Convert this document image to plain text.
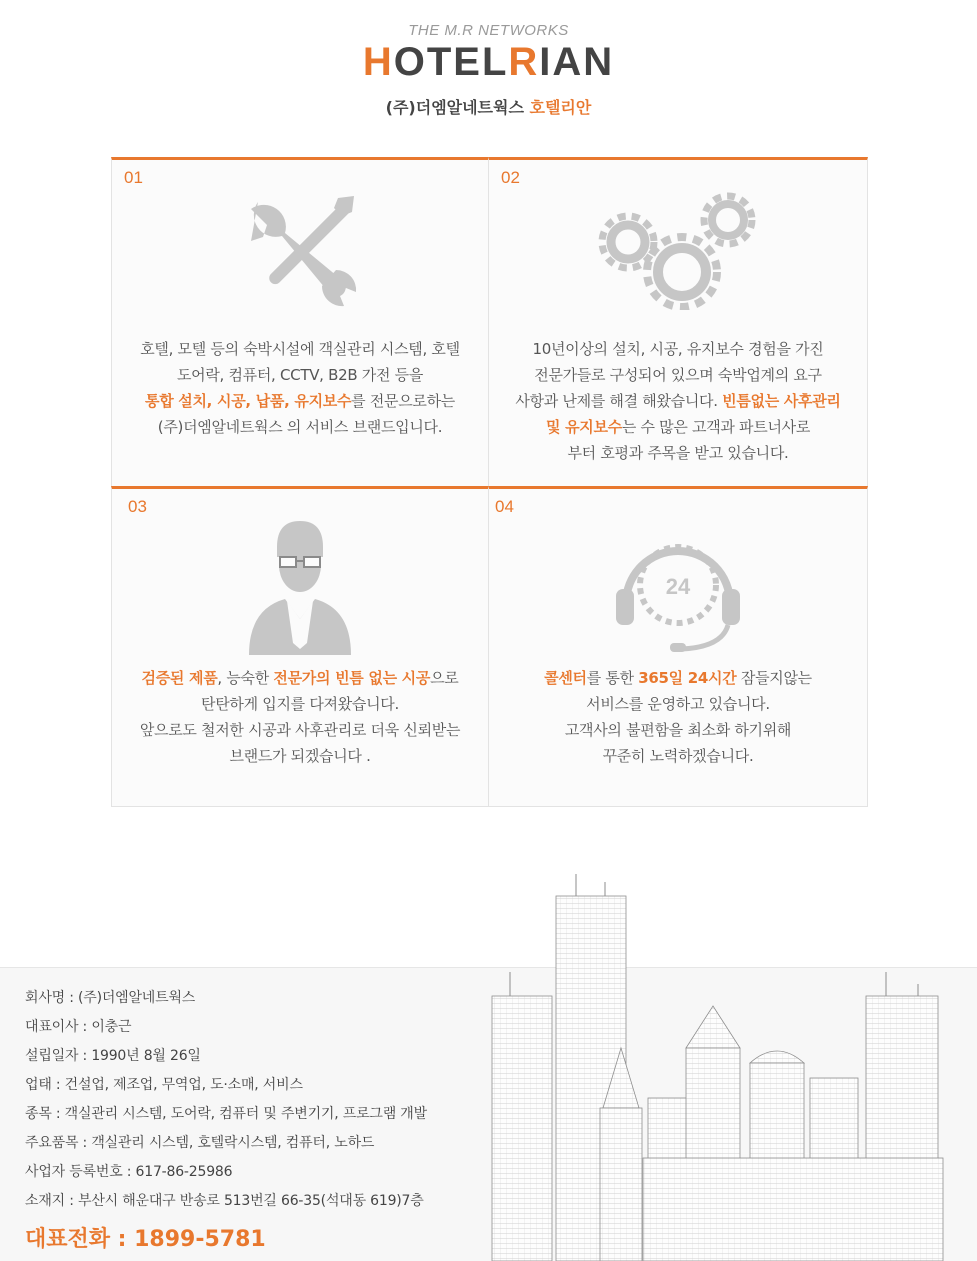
THE M.R NETWORKS
HOTELRIAN
(주)더엠알네트웍스 호텔리안
01
호텔, 모텔 등의 숙박시설에 객실관리 시스템, 호텔
도어락, 컴퓨터, CCTV, B2B 가전 등을
통합 설치, 시공, 납품, 유지보수를 전문으로하는
(주)더엠알네트웍스 의 서비스 브랜드입니다.
02
10년이상의 설치, 시공, 유지보수 경험을 가진
전문가들로 구성되어 있으며 숙박업계의 요구
사항과 난제를 해결 해왔습니다. 빈틈없는 사후관리
및 유지보수는 수 많은 고객과 파트너사로
부터 호평과 주목을 받고 있습니다.
03
검증된 제품, 능숙한 전문가의 빈틈 없는 시공으로
탄탄하게 입지를 다져왔습니다.
앞으로도 철저한 시공과 사후관리로 더욱 신뢰받는
브랜드가 되겠습니다 .
04
24
콜센터를 통한 365일 24시간 잠들지않는
서비스를 운영하고 있습니다.
고객사의 불편함을 최소화 하기위해
꾸준히 노력하겠습니다.
회사명 : (주)더엠알네트웍스
대표이사 : 이충근
설립일자 : 1990년 8월 26일
업태 : 건설업, 제조업, 무역업, 도·소매, 서비스
종목 : 객실관리 시스템, 도어락, 컴퓨터 및 주변기기, 프로그램 개발
주요품목 : 객실관리 시스템, 호텔락시스템, 컴퓨터, 노하드
사업자 등록번호 : 617-86-25986
소재지 : 부산시 해운대구 반송로 513번길 66-35(석대동 619)7층
대표전화 : 1899-5781
